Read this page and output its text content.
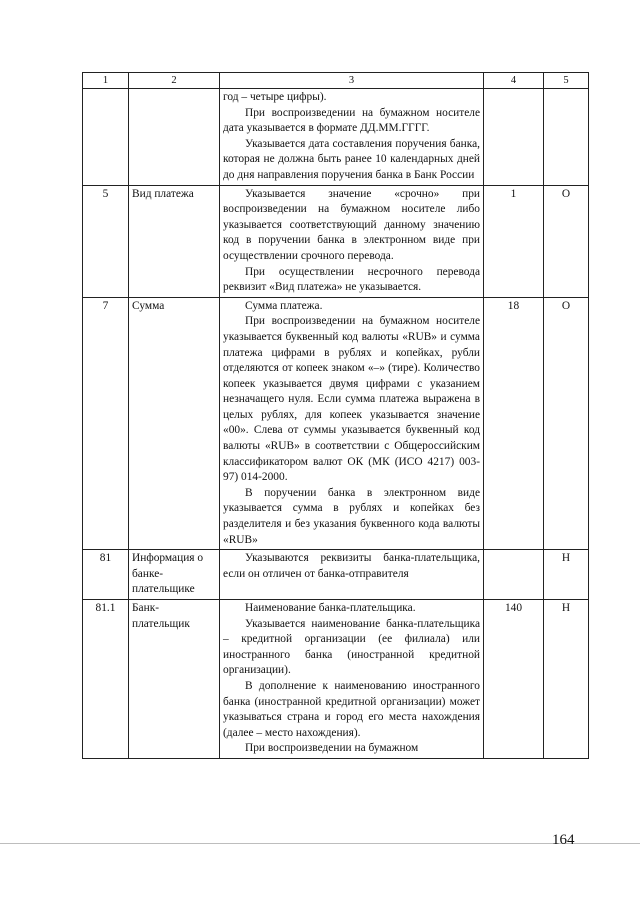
1	2	3	4	5

		год – четыре цифры).

При воспроизведении на бумажном носителе дата указывается в формате ДД.ММ.ГГГГ.

Указывается дата составления поручения банка, которая не должна быть ранее 10 календарных дней до дня направления поручения банка в Банк России		

5	Вид платежа	Указывается значение «срочно» при воспроизведении на бумажном носителе либо указывается соответствующий данному значению код в поручении банка в электронном виде при осуществлении срочного перевода.

При осуществлении несрочного перевода реквизит «Вид платежа» не указывается.	1	О
7	Сумма	Сумма платежа.

При воспроизведении на бумажном носителе указывается буквенный код валюты «RUB» и сумма платежа цифрами в рублях и копейках, рубли отделяются от копеек знаком «–» (тире). Количество копеек указывается двумя цифрами с указанием незначащего нуля. Если сумма платежа выражена в целых рублях, для копеек указывается значение «00». Слева от суммы указывается буквенный код валюты «RUB» в соответствии с Общероссийским классификатором валют ОК (МК (ИСО 4217) 003-97) 014-2000.

В поручении банка в электронном виде указывается сумма в рублях и копейках без разделителя и без указания буквенного кода валюты «RUB»	18	О
81	Информация о банке-плательщике	Указываются реквизиты банка-плательщика, если он отличен от банка-отправителя		Н
81.1	Банк-плательщик	Наименование банка-плательщика.

Указывается наименование банка-плательщика – кредитной организации (ее филиала) или иностранного банка (иностранной кредитной организации).

В дополнение к наименованию иностранного банка (иностранной кредитной организации) может указываться страна и город его места нахождения (далее – место нахождения).

При воспроизведении на бумажном	140	Н
164
